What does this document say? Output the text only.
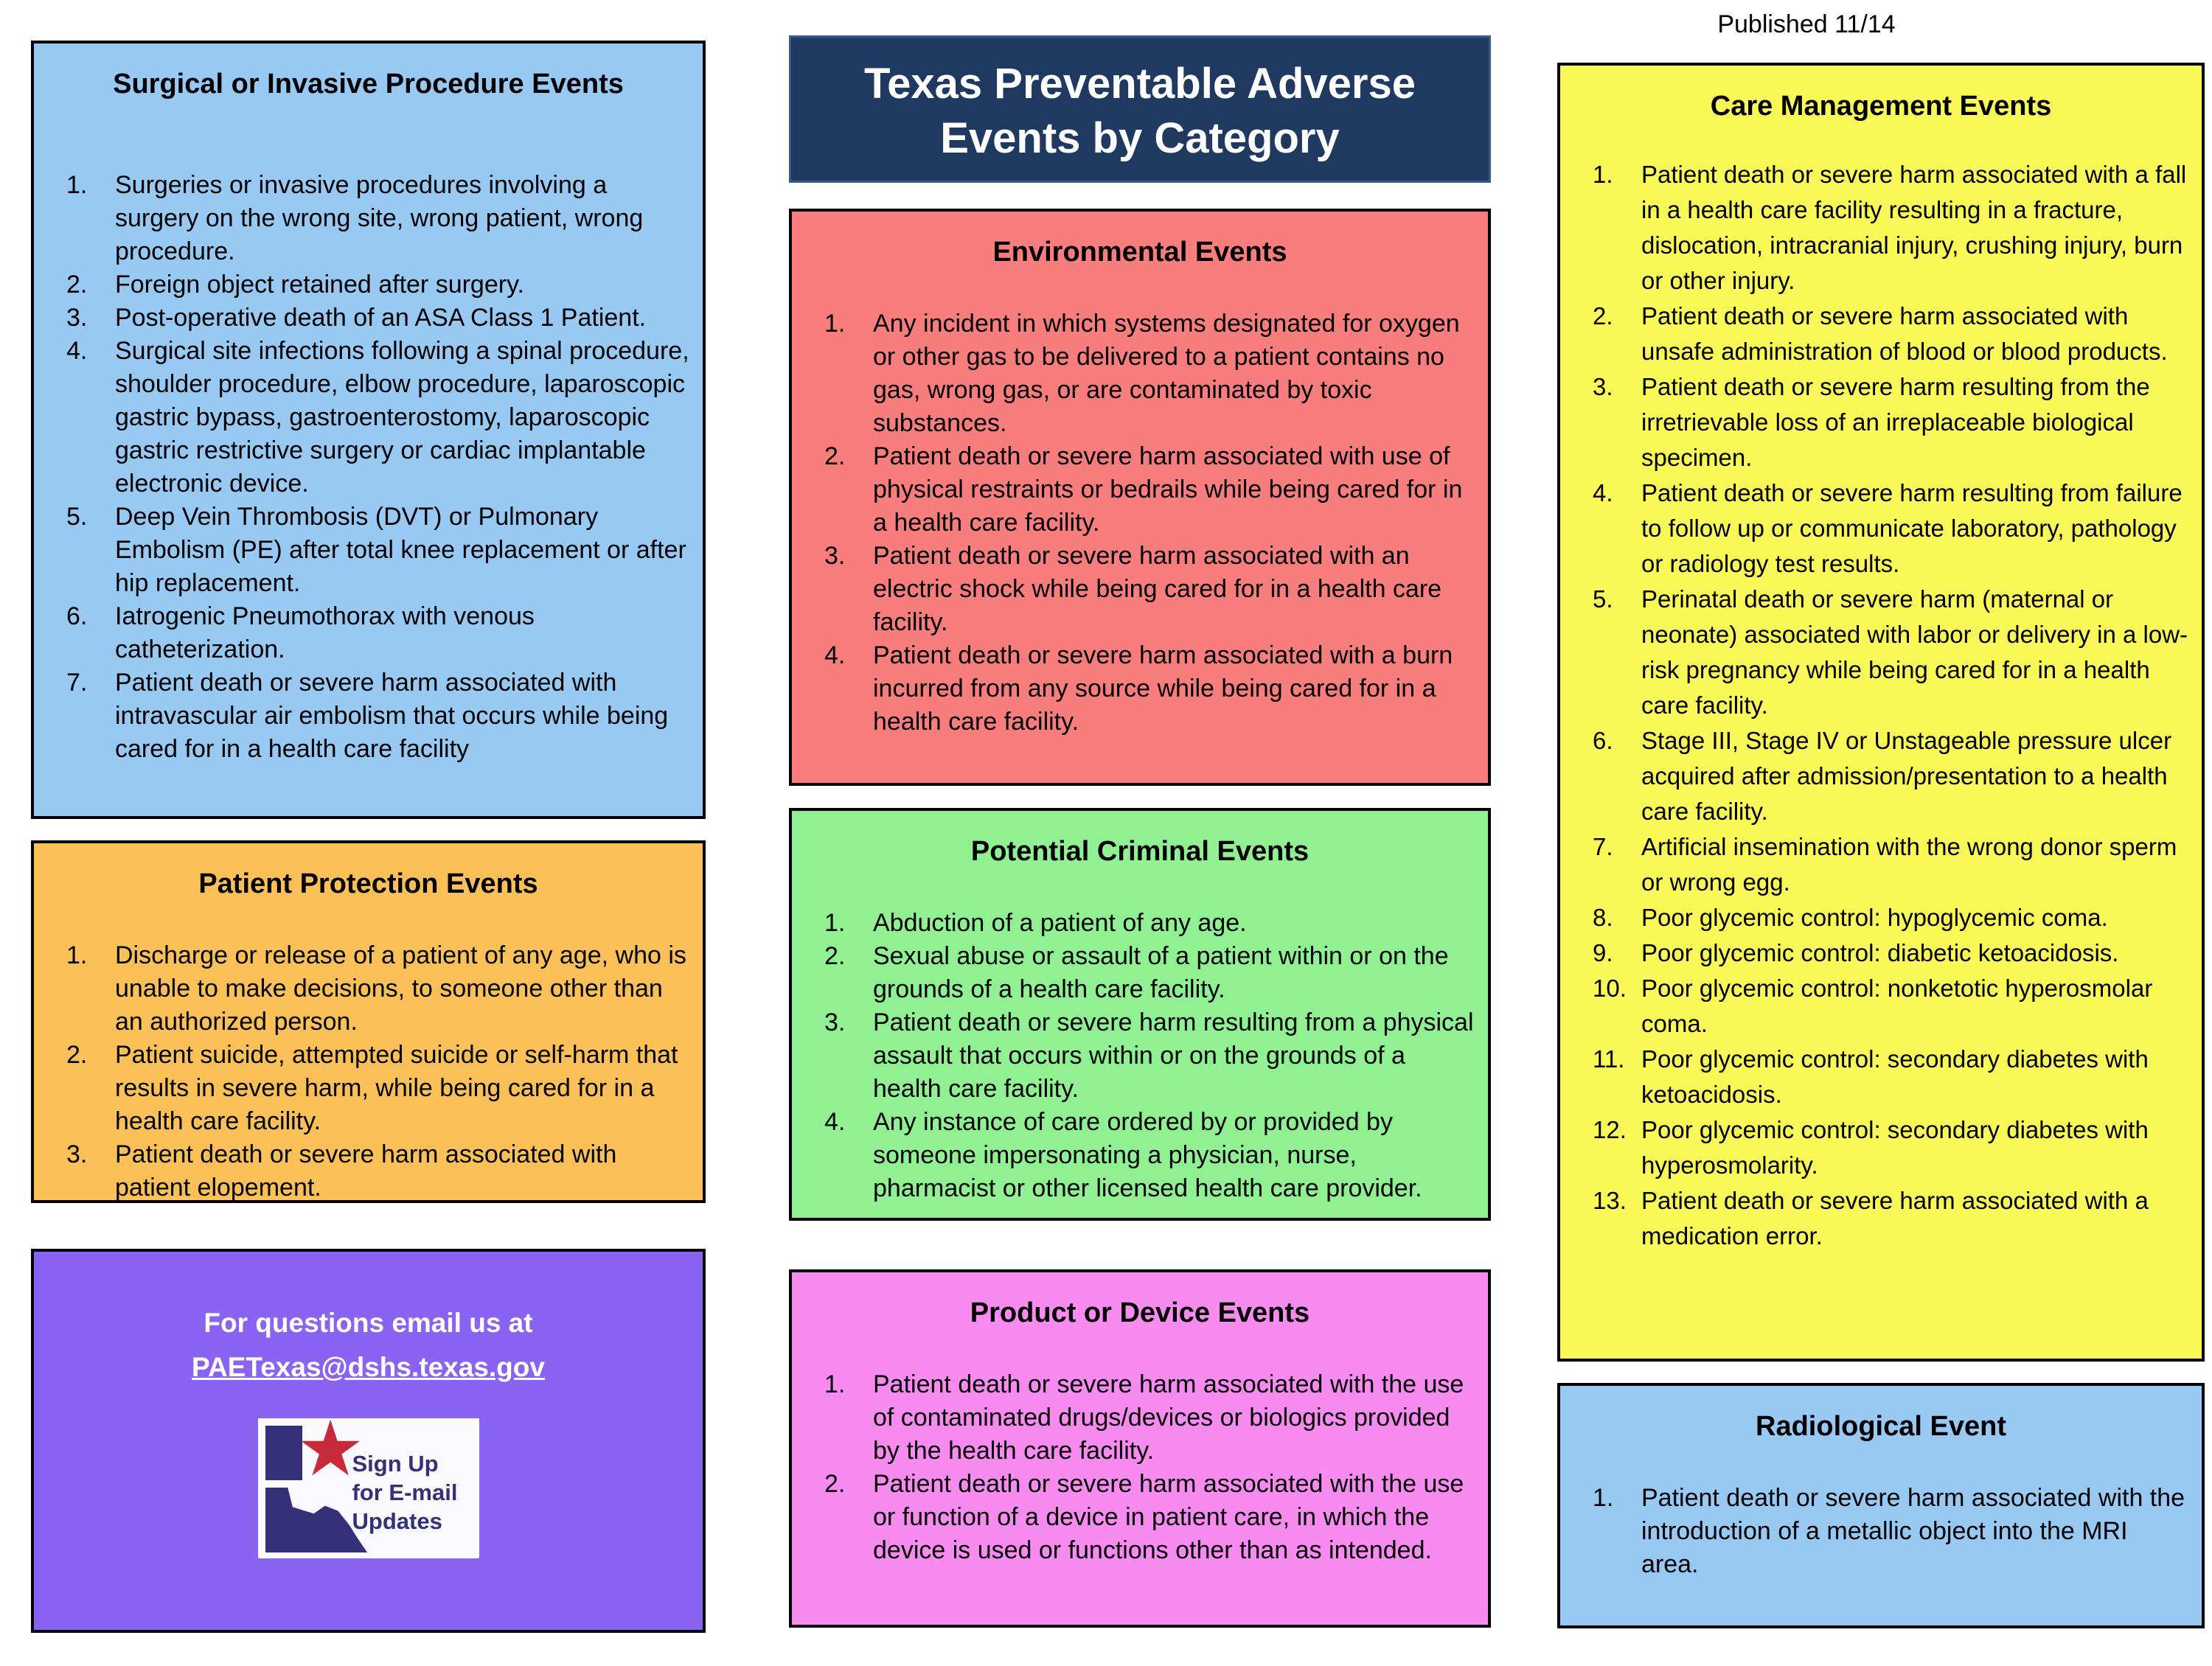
Texas Preventable Adverse Events by Category
Published 11/14
Surgical or Invasive Procedure Events
Surgeries or invasive procedures involving a surgery on the wrong site, wrong patient, wrong procedure.
Foreign object retained after surgery.
Post-operative death of an ASA Class 1 Patient.
Surgical site infections following a spinal procedure, shoulder procedure, elbow procedure, laparoscopic gastric bypass, gastroenterostomy, laparoscopic gastric restrictive surgery or cardiac implantable electronic device.
Deep Vein Thrombosis (DVT) or Pulmonary Embolism (PE) after total knee replacement or after hip replacement.
Iatrogenic Pneumothorax with venous catheterization.
Patient death or severe harm associated with intravascular air embolism that occurs while being cared for in a health care facility
Patient Protection Events
Discharge or release of a patient of any age, who is unable to make decisions, to someone other than an authorized person.
Patient suicide, attempted suicide or self-harm that results in severe harm, while being cared for in a health care facility.
Patient death or severe harm associated with patient elopement.

For questions email us at

PAETexas@dshs.texas.gov
★
Sign Up
for E-mail
Updates
Environmental Events
Any incident in which systems designated for oxygen or other gas to be delivered to a patient contains no gas, wrong gas, or are contaminated by toxic substances.
Patient death or severe harm associated with use of physical restraints or bedrails while being cared for in a health care facility.
Patient death or severe harm associated with an electric shock while being cared for in a health care facility.
Patient death or severe harm associated with a burn incurred from any source while being cared for in a health care facility.
Potential Criminal Events
Abduction of a patient of any age.
Sexual abuse or assault of a patient within or on the grounds of a health care facility.
Patient death or severe harm resulting from a physical assault that occurs within or on the grounds of a health care facility.
Any instance of care ordered by or provided by someone impersonating a physician, nurse, pharmacist or other licensed health care provider.
Product or Device Events
Patient death or severe harm associated with the use of contaminated drugs/devices or biologics provided by the health care facility.
Patient death or severe harm associated with the use or function of a device in patient care, in which the device is used or functions other than as intended.
Care Management Events
Patient death or severe harm associated with a fall in a health care facility resulting in a fracture, dislocation, intracranial injury, crushing injury, burn or other injury.
Patient death or severe harm associated with unsafe administration of blood or blood products.
Patient death or severe harm resulting from the irretrievable loss of an irreplaceable biological specimen.
Patient death or severe harm resulting from failure to follow up or communicate laboratory, pathology or radiology test results.
Perinatal death or severe harm (maternal or neonate) associated with labor or delivery in a low-risk pregnancy while being cared for in a health care facility.
Stage III, Stage IV or Unstageable pressure ulcer acquired after admission/presentation to a health care facility.
Artificial insemination with the wrong donor sperm or wrong egg.
Poor glycemic control: hypoglycemic coma.
Poor glycemic control: diabetic ketoacidosis.
Poor glycemic control: nonketotic hyperosmolar coma.
Poor glycemic control: secondary diabetes with ketoacidosis.
Poor glycemic control: secondary diabetes with hyperosmolarity.
Patient death or severe harm associated with a medication error.
Radiological Event
Patient death or severe harm associated with the introduction of a metallic object into the MRI area.
